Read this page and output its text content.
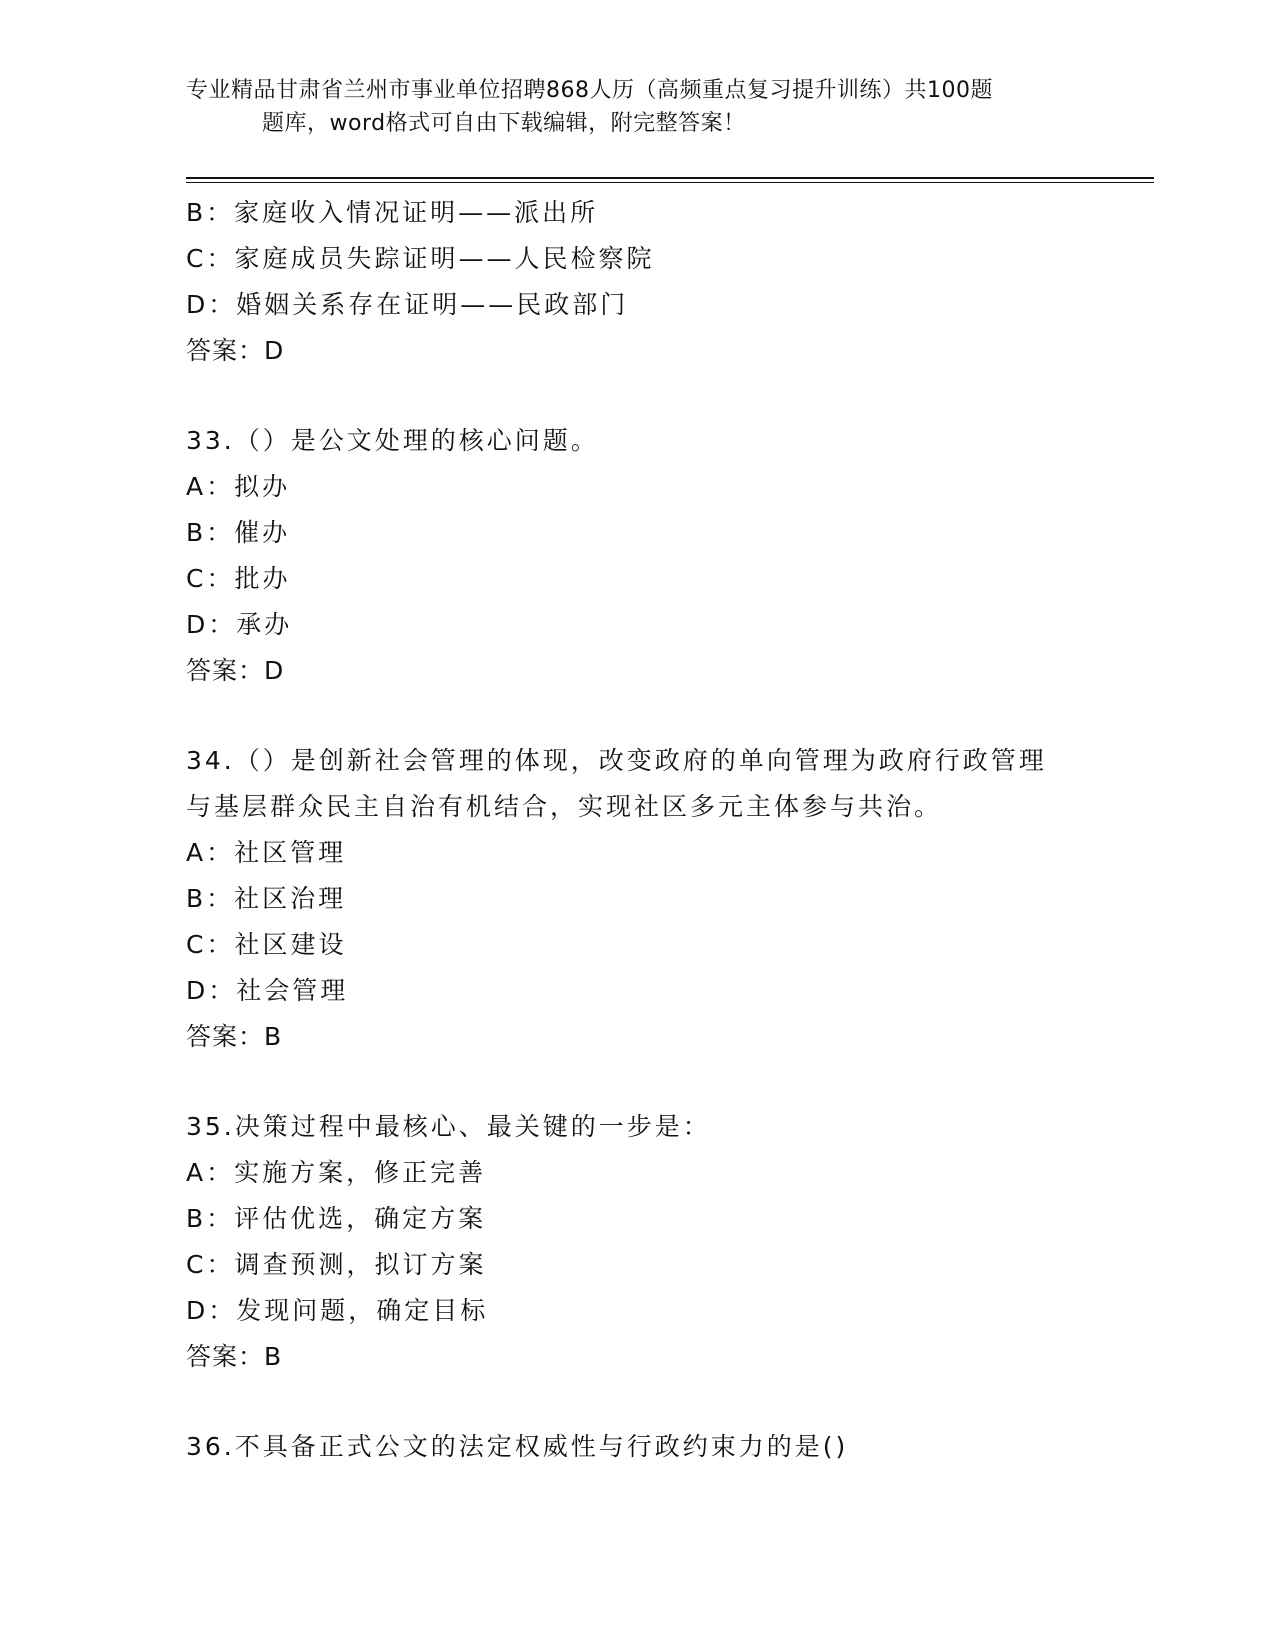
专业精品甘肃省兰州市事业单位招聘868人历（高频重点复习提升训练）共100题
题库，word格式可自由下载编辑，附完整答案！
B：家庭收入情况证明——派出所
C：家庭成员失踪证明——人民检察院
D：婚姻关系存在证明——民政部门
答案：D
33.（）是公文处理的核心问题。
A：拟办
B：催办
C：批办
D：承办
答案：D
34.（）是创新社会管理的体现，改变政府的单向管理为政府行政管理
与基层群众民主自治有机结合，实现社区多元主体参与共治。
A：社区管理
B：社区治理
C：社区建设
D：社会管理
答案：B
35.决策过程中最核心、最关键的一步是：
A：实施方案，修正完善
B：评估优选，确定方案
C：调查预测，拟订方案
D：发现问题，确定目标
答案：B
36.不具备正式公文的法定权威性与行政约束力的是()
